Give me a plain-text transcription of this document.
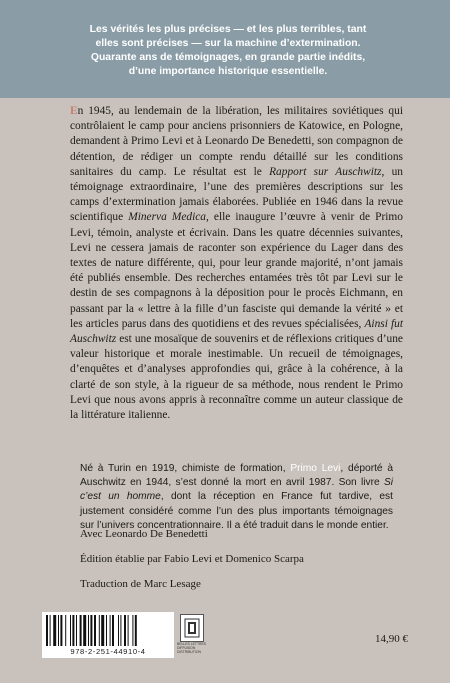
Les vérités les plus précises — et les plus terribles, tant
elles sont précises — sur la machine d’extermination.
Quarante ans de témoignages, en grande partie inédits,
d’une importance historique essentielle.
En 1945, au lendemain de la libération, les militaires soviétiques qui contrôlaient le camp pour anciens prisonniers de Katowice, en Pologne, demandent à Primo Levi et à Leonardo De Benedetti, son compagnon de détention, de rédiger un compte rendu détaillé sur les conditions sanitaires du camp. Le résultat est le Rapport sur Auschwitz, un témoignage extraordinaire, l’une des premières descriptions sur les camps d’extermination jamais élaborées. Publiée en 1946 dans la revue scientifique Minerva Medica, elle inaugure l’œuvre à venir de Primo Levi, témoin, analyste et écrivain. Dans les quatre décennies suivantes, Levi ne cessera jamais de raconter son expérience du Lager dans des textes de nature différente, qui, pour leur grande majorité, n’ont jamais été publiés ensemble. Des recherches entamées très tôt par Levi sur le destin de ses compagnons à la déposition pour le procès Eichmann, en passant par la « lettre à la fille d’un fasciste qui demande la vérité » et les articles parus dans des quotidiens et des revues spécialisées, Ainsi fut Auschwitz est une mosaïque de souvenirs et de réflexions critiques d’une valeur historique et morale inestimable. Un recueil de témoignages, d’enquêtes et d’analyses approfondies qui, grâce à la cohérence, à la clarté de son style, à la rigueur de sa méthode, nous rendent le Primo Levi que nous avons appris à reconnaître comme un auteur classique de la littérature italienne.
Né à Turin en 1919, chimiste de formation, Primo Levi, déporté à Auschwitz en 1944, s’est donné la mort en avril 1987. Son livre Si c’est un homme, dont la réception en France fut tardive, est justement considéré comme l’un des plus importants témoignages sur l’univers concentrationnaire. Il a été traduit dans le monde entier.
Avec Leonardo De Benedetti
Édition établie par Fabio Levi et Domenico Scarpa
Traduction de Marc Lesage
978-2-251-44910-4
BELLES LETTRES DIFFUSION DISTRIBUTION
14,90 €
